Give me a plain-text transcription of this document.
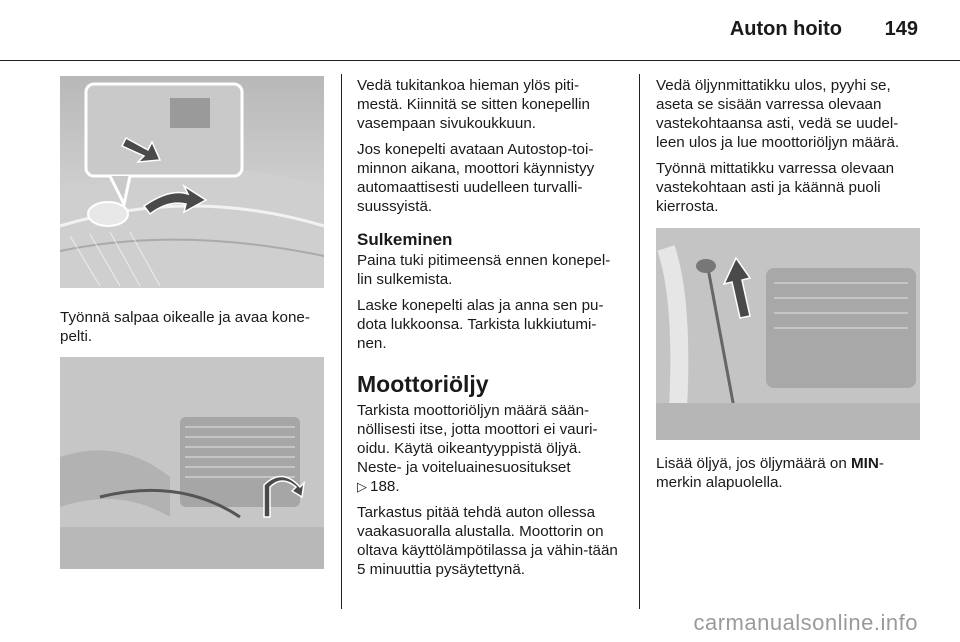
Auton hoito 149

Työnnä salpaa oikealle ja avaa kone-pelti.

Vedä tukitankoa hieman ylös piti-mestä. Kiinnitä se sitten konepellin vasempaan sivukoukkuun.

Jos konepelti avataan Autostop-toi-minnon aikana, moottori käynnistyy automaattisesti uudelleen turvalli-suussyistä.

Sulkeminen

Paina tuki pitimeensä ennen konepel-lin sulkemista.

Laske konepelti alas ja anna sen pu-dota lukkoonsa. Tarkista lukkiutumi-nen.

Moottoriöljy

Tarkista moottoriöljyn määrä sään-nöllisesti itse, jotta moottori ei vauri-oidu. Käytä oikeantyyppistä öljyä. Neste- ja voiteluainesuositukset
▷ 188.

Tarkastus pitää tehdä auton ollessa vaakasuoralla alustalla. Moottorin on oltava käyttölämpötilassa ja vähin-tään 5 minuuttia pysäytettynä.

Vedä öljynmittatikku ulos, pyyhi se, aseta se sisään varressa olevaan vastekohtaansa asti, vedä se uudel-leen ulos ja lue moottoriöljyn määrä.

Työnnä mittatikku varressa olevaan vastekohtaan asti ja käännä puoli kierrosta.

Lisää öljyä, jos öljymäärä on MIN-merkin alapuolella.

carmanualsonline.info
